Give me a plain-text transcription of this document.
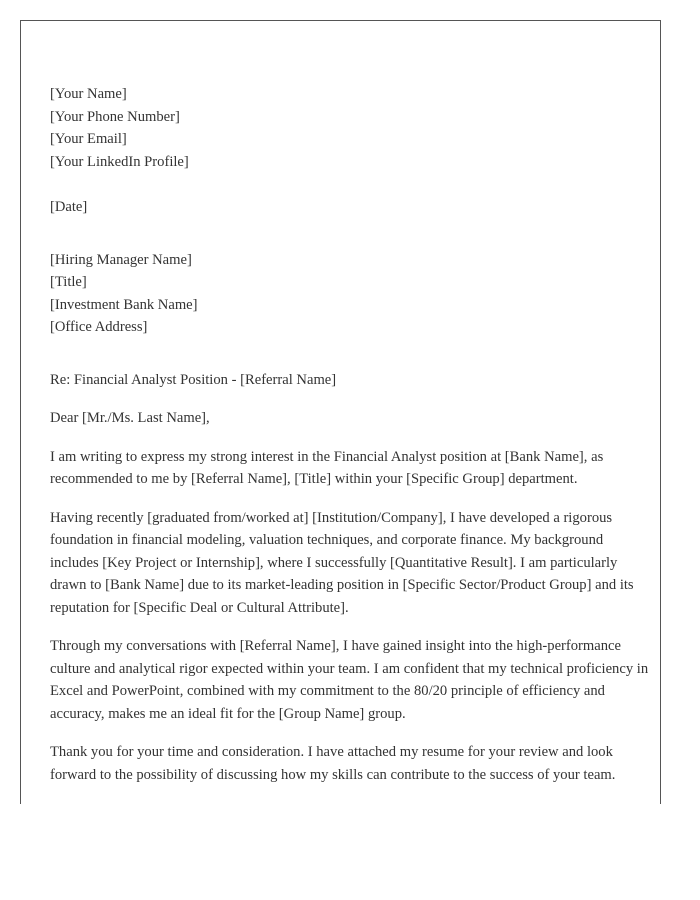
[Your Name]
[Your Phone Number]
[Your Email]
[Your LinkedIn Profile]
[Date]
[Hiring Manager Name]
[Title]
[Investment Bank Name]
[Office Address]
Re: Financial Analyst Position - [Referral Name]
Dear [Mr./Ms. Last Name],

I am writing to express my strong interest in the Financial Analyst position at [Bank Name], as recommended to me by [Referral Name], [Title] within your [Specific Group] department.

Having recently [graduated from/worked at] [Institution/Company], I have developed a rigorous foundation in financial modeling, valuation techniques, and corporate finance. My background includes [Key Project or Internship], where I successfully [Quantitative Result]. I am particularly drawn to [Bank Name] due to its market-leading position in [Specific Sector/Product Group] and its reputation for [Specific Deal or Cultural Attribute].

Through my conversations with [Referral Name], I have gained insight into the high-performance culture and analytical rigor expected within your team. I am confident that my technical proficiency in Excel and PowerPoint, combined with my commitment to the 80/20 principle of efficiency and accuracy, makes me an ideal fit for the [Group Name] group.

Thank you for your time and consideration. I have attached my resume for your review and look forward to the possibility of discussing how my skills can contribute to the success of your team.
